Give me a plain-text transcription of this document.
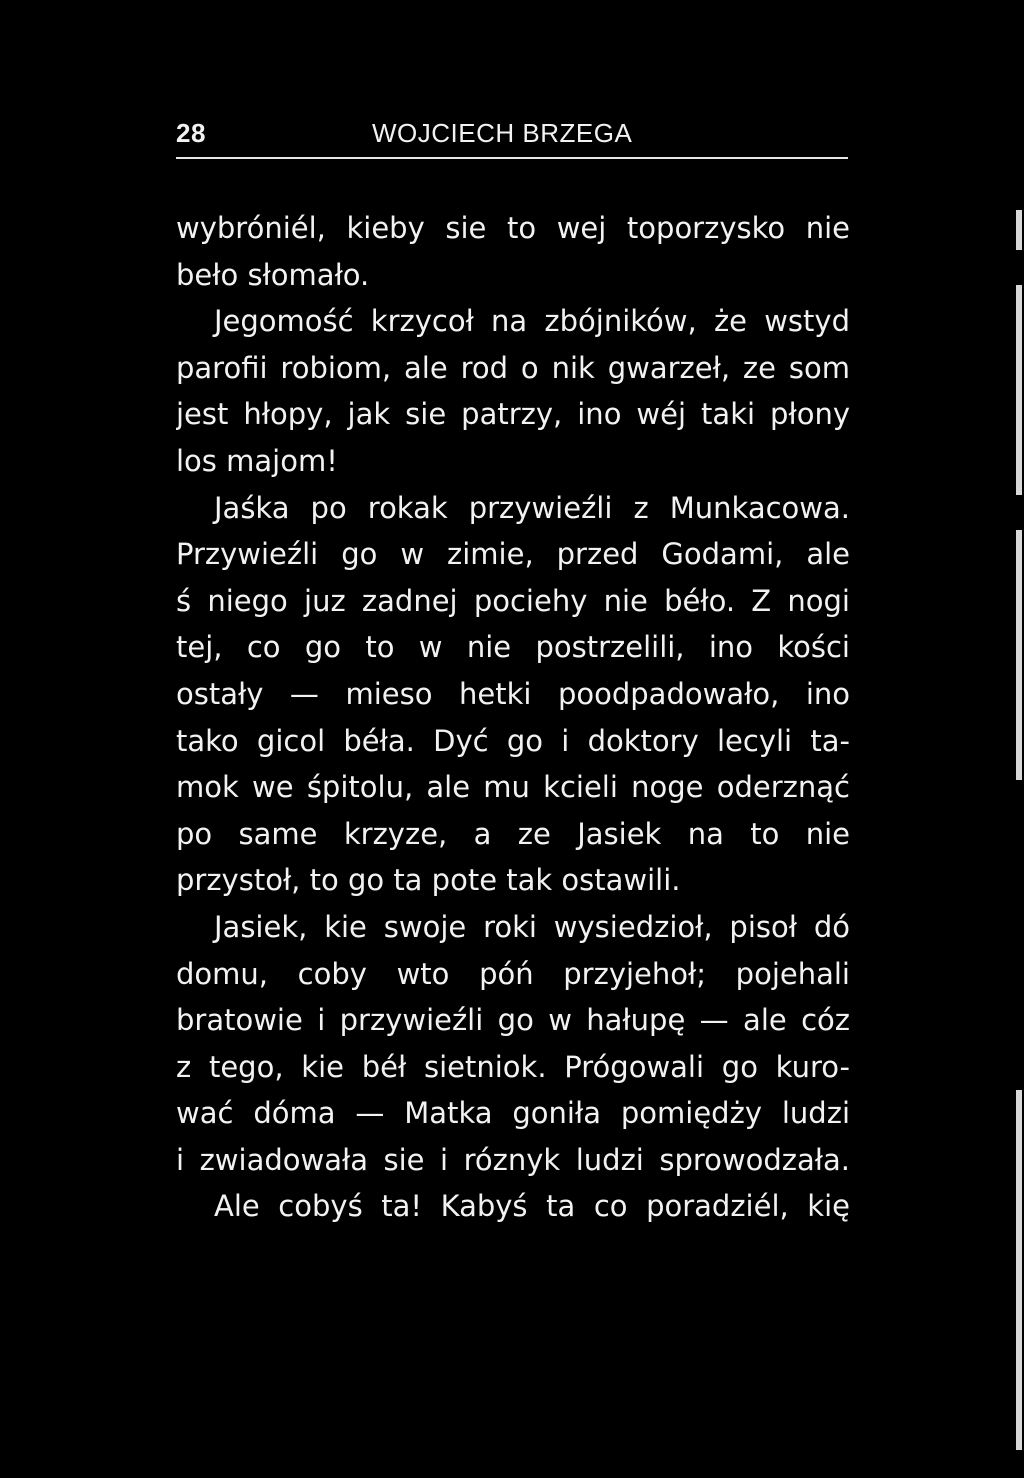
28	WOJCIECH BRZEGA
wybróniél, kieby sie to wej toporzysko nie
beło słomało.
Jegomość krzycoł na zbójników, że wstyd
parofii robiom, ale rod o nik gwarzeł, ze som
jest hłopy, jak sie patrzy, ino wéj taki płony
los majom!
Jaśka po rokak przywieźli z Munkacowa.
Przywieźli go w zimie, przed Godami, ale
ś niego juz zadnej pociehy nie béło. Z nogi
tej, co go to w nie postrzelili, ino kości
ostały — mieso hetki poodpadowało, ino
tako gicol béła. Dyć go i doktory lecyli ta-
mok we śpitolu, ale mu kcieli noge oderznąć
po same krzyze, a ze Jasiek na to nie
przystoł, to go ta pote tak ostawili.
Jasiek, kie swoje roki wysiedzioł, pisoł dó
domu, coby wto póń przyjehoł; pojehali
bratowie i przywieźli go w hałupę — ale cóz
z tego, kie béł sietniok. Prógowali go kuro-
wać dóma — Matka goniła pomiędży ludzi
i zwiadowała sie i róznyk ludzi sprowodzała.
Ale cobyś ta! Kabyś ta co poradziél, kię
